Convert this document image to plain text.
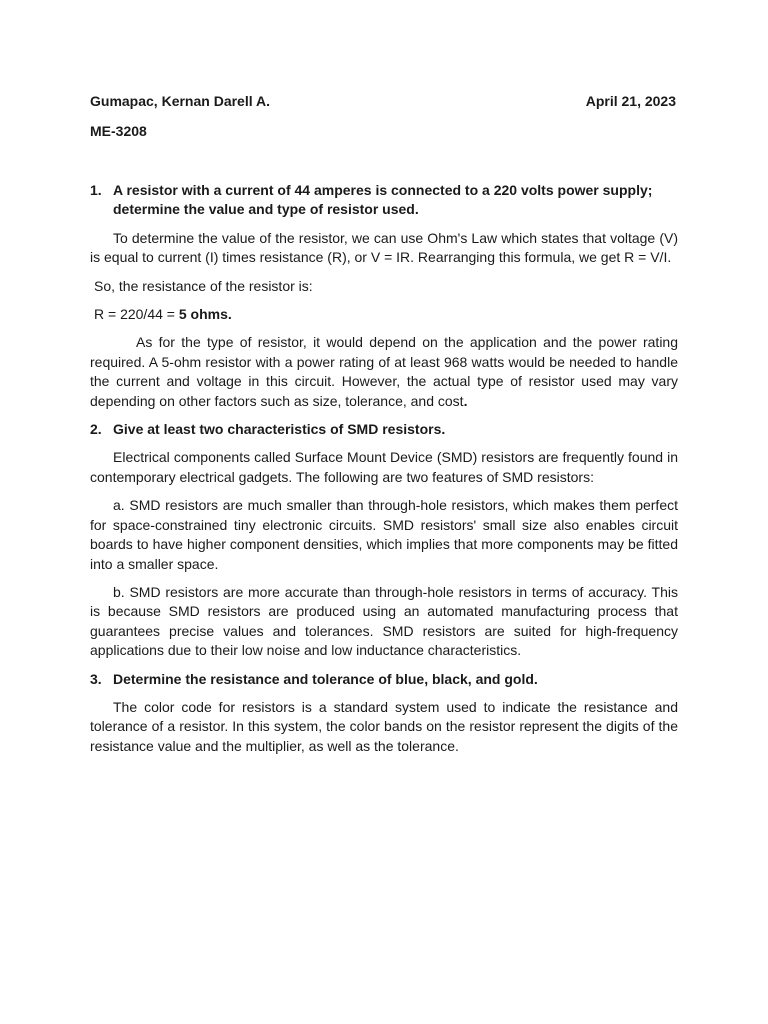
Gumapac, Kernan Darell A.	April 21, 2023
ME-3208
1. A resistor with a current of 44 amperes is connected to a 220 volts power supply; determine the value and type of resistor used.

To determine the value of the resistor, we can use Ohm's Law which states that voltage (V) is equal to current (I) times resistance (R), or V = IR. Rearranging this formula, we get R = V/I.

So, the resistance of the resistor is:

R = 220/44 = 5 ohms.

As for the type of resistor, it would depend on the application and the power rating required. A 5-ohm resistor with a power rating of at least 968 watts would be needed to handle the current and voltage in this circuit. However, the actual type of resistor used may vary depending on other factors such as size, tolerance, and cost.

2. Give at least two characteristics of SMD resistors.

Electrical components called Surface Mount Device (SMD) resistors are frequently found in contemporary electrical gadgets. The following are two features of SMD resistors:

a. SMD resistors are much smaller than through-hole resistors, which makes them perfect for space-constrained tiny electronic circuits. SMD resistors' small size also enables circuit boards to have higher component densities, which implies that more components may be fitted into a smaller space.

b. SMD resistors are more accurate than through-hole resistors in terms of accuracy. This is because SMD resistors are produced using an automated manufacturing process that guarantees precise values and tolerances. SMD resistors are suited for high-frequency applications due to their low noise and low inductance characteristics.

3. Determine the resistance and tolerance of blue, black, and gold.

The color code for resistors is a standard system used to indicate the resistance and tolerance of a resistor. In this system, the color bands on the resistor represent the digits of the resistance value and the multiplier, as well as the tolerance.
